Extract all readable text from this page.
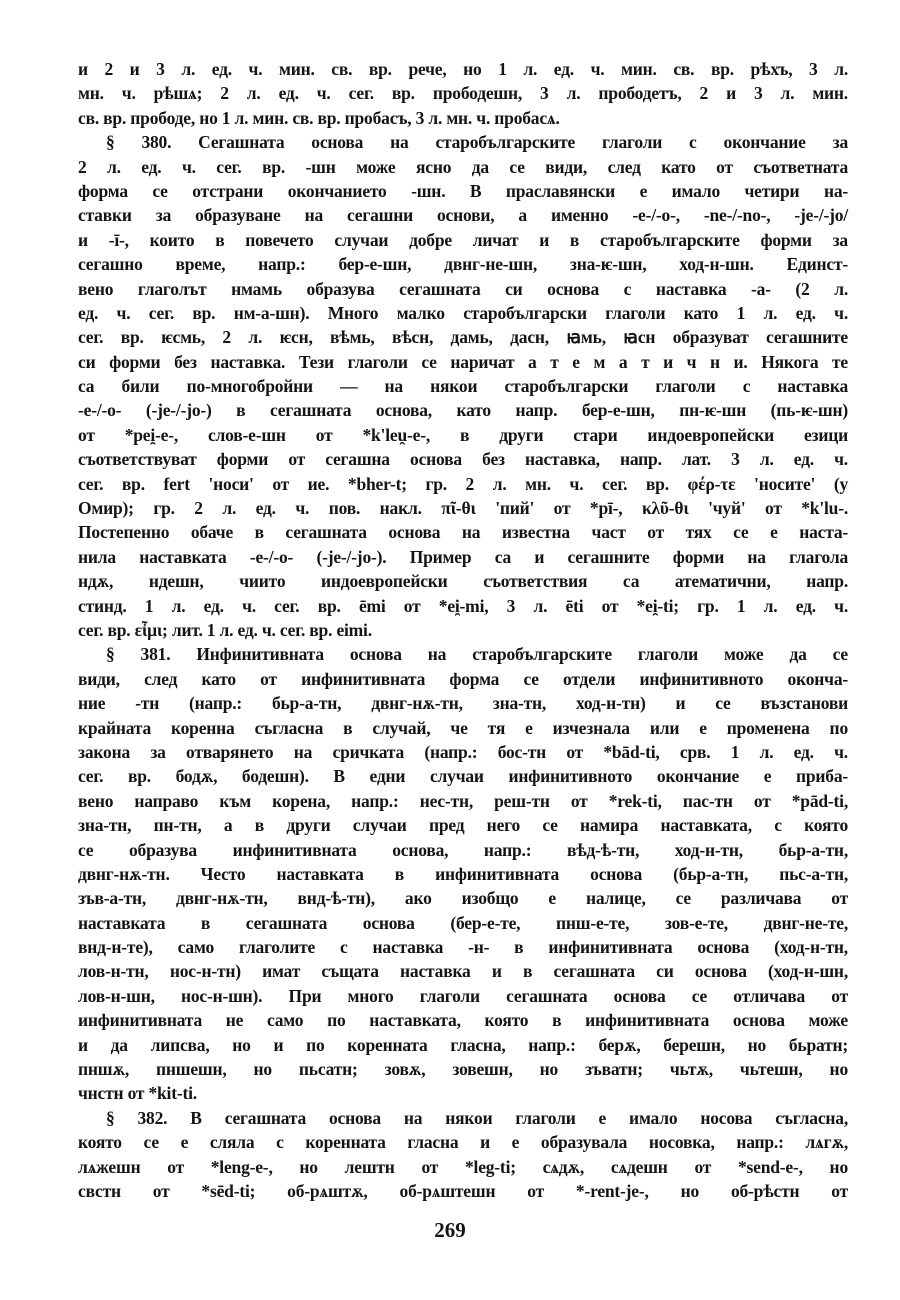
и 2 и 3 л. ед. ч. мин. св. вр. рече, но 1 л. ед. ч. мин. св. вр. рѣхъ, 3 л.
мн. ч. рѣшѧ; 2 л. ед. ч. сег. вр. прободешн, 3 л. прободетъ, 2 и 3 л. мин.
св. вр. прободе, но 1 л. мин. св. вр. пробасъ, 3 л. мн. ч. пробасѧ.
§ 380. Сегашната основа на старобългарските глаголи с окончание за
2 л. ед. ч. сег. вр. -шн може ясно да се види, след като от съответната
форма се отстрани окончанието -шн. В праславянски е имало четири на-
ставки за образуване на сегашни основи, а именно -e-/-o-, -ne-/-no-, -je-/-jo/
и -ī-, които в повечето случаи добре личат и в старобългарските форми за
сегашно време, напр.: бер-е-шн, двнг-не-шн, зна-ѥ-шн, ход-н-шн. Единст-
вено глаголът нмамь образува сегашната си основа с наставка -а- (2 л.
ед. ч. сег. вр. нм-а-шн). Много малко старобългарски глаголи като 1 л. ед. ч.
сег. вр. ѥсмь, 2 л. ѥсн, вѣмь, вѣсн, дамь, дасн, ꙗмь, ꙗсн образуват сегашните
си форми без наставка. Тези глаголи се наричат а т е м а т и ч н и. Някога те
са били по-многобройни — на някои старобългарски глаголи с наставка
-e-/-o- (-je-/-jo-) в сегашната основа, като напр. бер-е-шн, пн-ѥ-шн (пь-ѥ-шн)
от *pei̯-e-, слов-е-шн от *k'leu̯-e-, в други стари индоевропейски езици
съответствуват форми от сегашна основа без наставка, напр. лат. 3 л. ед. ч.
сег. вр. fert 'носи' от ие. *bher-t; гр. 2 л. мн. ч. сег. вр. φέρ-τε 'носите' (у
Омир); гр. 2 л. ед. ч. пов. накл. πῖ-θι 'пий' от *pī-, κλῦ-θι 'чуй' от *k'lu-.
Постепенно обаче в сегашната основа на известна част от тях се е наста-
нила наставката -e-/-o- (-je-/-jo-). Пример са и сегашните форми на глагола
ндѫ, ндешн, чиито индоевропейски съответствия са атематични, напр.
стинд. 1 л. ед. ч. сег. вр. ēmi от *ei̯-mi, 3 л. ēti от *ei̯-ti; гр. 1 л. ед. ч.
сег. вр. εἶμι; лит. 1 л. ед. ч. сег. вр. eimi.
§ 381. Инфинитивната основа на старобългарските глаголи може да се
види, след като от инфинитивната форма се отдели инфинитивното оконча-
ние -тн (напр.: бьр-а-тн, двнг-нѫ-тн, зна-тн, ход-н-тн) и се възстанови
крайната коренна съгласна в случай, че тя е изчезнала или е променена по
закона за отварянето на сричката (напр.: бос-тн от *bād-ti, срв. 1 л. ед. ч.
сег. вр. бодѫ, бодешн). В едни случаи инфинитивното окончание е приба-
вено направо към корена, напр.: нес-тн, реш-тн от *rek-ti, пас-тн от *pād-ti,
зна-тн, пн-тн, а в други случаи пред него се намира наставката, с която
се образува инфинитивната основа, напр.: вѣд-ѣ-тн, ход-н-тн, бьр-а-тн,
двнг-нѫ-тн. Често наставката в инфинитивната основа (бьр-а-тн, пьс-а-тн,
зъв-а-тн, двнг-нѫ-тн, внд-ѣ-тн), ако изобщо е налице, се различава от
наставката в сегашната основа (бер-е-те, пнш-е-те, зов-е-те, двнг-не-те,
внд-н-те), само глаголите с наставка -н- в инфинитивната основа (ход-н-тн,
лов-н-тн, нос-н-тн) имат същата наставка и в сегашната си основа (ход-н-шн,
лов-н-шн, нос-н-шн). При много глаголи сегашната основа се отличава от
инфинитивната не само по наставката, която в инфинитивната основа може
и да липсва, но и по коренната гласна, напр.: берѫ, берешн, но бьратн;
пншѫ, пншешн, но пьсатн; зовѫ, зовешн, но зъватн; чьтѫ, чьтешн, но
чнстн от *kit-ti.
§ 382. В сегашната основа на някои глаголи е имало носова съгласна,
която се е сляла с коренната гласна и е образувала носовка, напр.: лѧгѫ,
лѧжешн от *leng-e-, но лештн от *leg-ti; сѧдѫ, сѧдешн от *send-e-, но
свстн от *sēd-ti; об-рѧштѫ, об-рѧштешн от *-rent-je-, но об-рѣстн от
269
